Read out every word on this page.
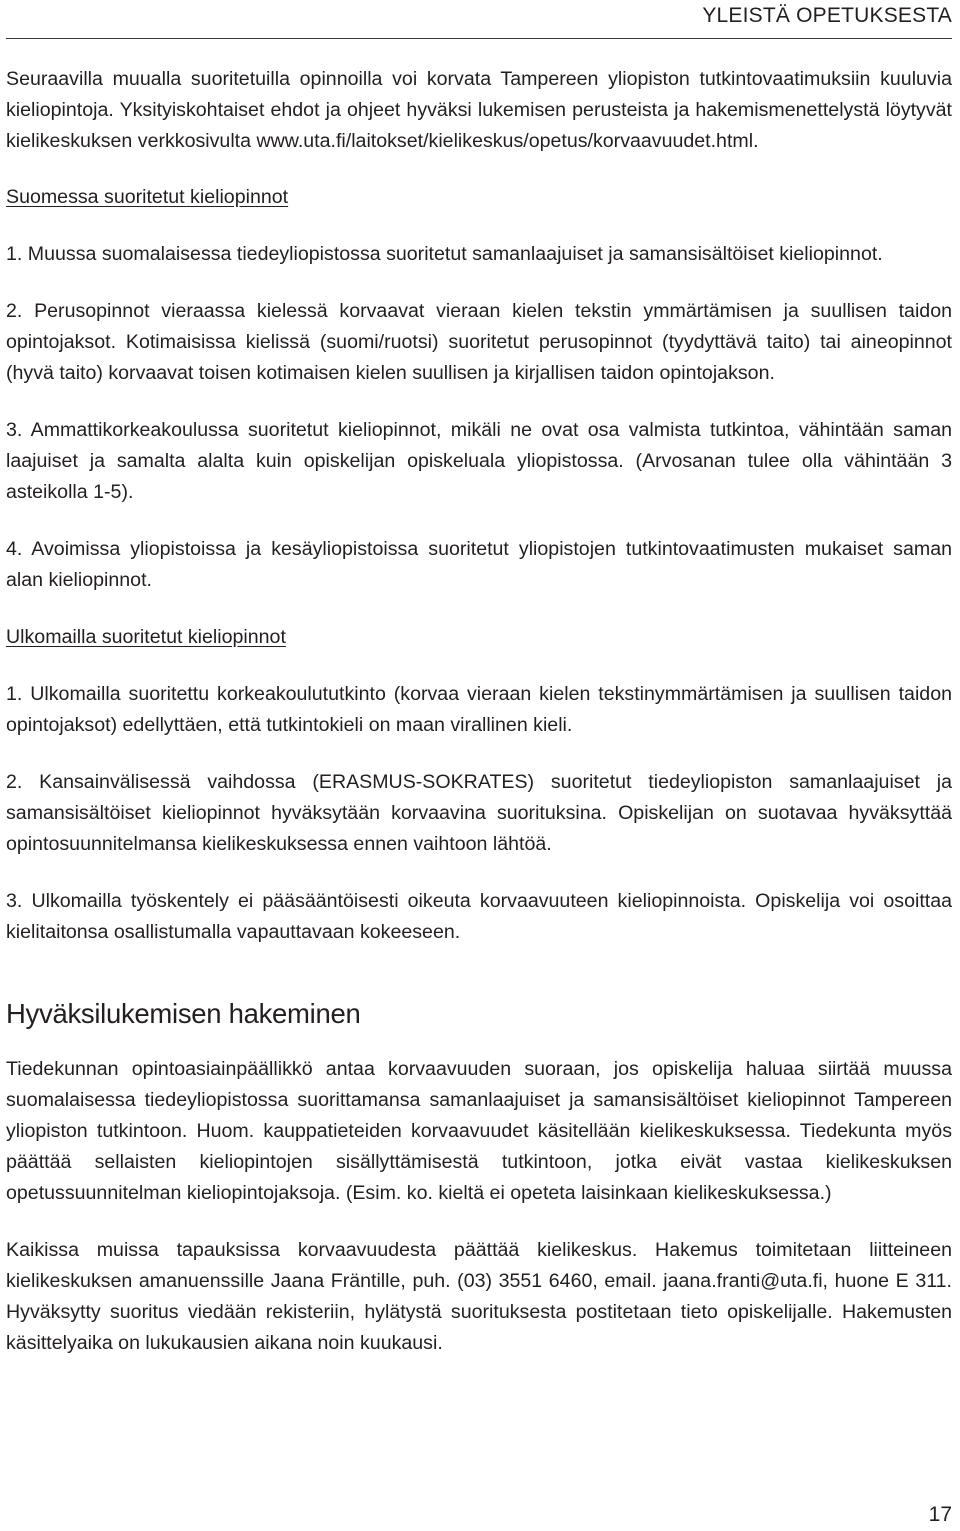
YLEISTÄ OPETUKSESTA

Seuraavilla muualla suoritetuilla opinnoilla voi korvata Tampereen yliopiston tutkintovaatimuksiin kuuluvia kieliopintoja. Yksityiskohtaiset ehdot ja ohjeet hyväksi lukemisen perusteista ja hakemismenettelystä löytyvät kielikeskuksen verkkosivulta www.uta.fi/laitokset/kielikeskus/opetus/korvaavuudet.html.

Suomessa suoritetut kieliopinnot

1. Muussa suomalaisessa tiedeyliopistossa suoritetut samanlaajuiset ja samansisältöiset kieliopinnot.

2. Perusopinnot vieraassa kielessä korvaavat vieraan kielen tekstin ymmärtämisen ja suullisen taidon opintojaksot. Kotimaisissa kielissä (suomi/ruotsi) suoritetut perusopinnot (tyydyttävä taito) tai aineopinnot (hyvä taito) korvaavat toisen kotimaisen kielen suullisen ja kirjallisen taidon opintojakson.

3. Ammattikorkeakoulussa suoritetut kieliopinnot, mikäli ne ovat osa valmista tutkintoa, vähintään saman laajuiset ja samalta alalta kuin opiskelijan opiskeluala yliopistossa. (Arvosanan tulee olla vähintään 3 asteikolla 1-5).

4. Avoimissa yliopistoissa ja kesäyliopistoissa suoritetut yliopistojen tutkintovaatimusten mukaiset saman alan kieliopinnot.

Ulkomailla suoritetut kieliopinnot

1. Ulkomailla suoritettu korkeakoulututkinto (korvaa vieraan kielen tekstinymmärtämisen ja suullisen taidon opintojaksot) edellyttäen, että tutkintokieli on maan virallinen kieli.

2. Kansainvälisessä vaihdossa (ERASMUS-SOKRATES) suoritetut tiedeyliopiston samanlaajuiset ja samansisältöiset kieliopinnot hyväksytään korvaavina suorituksina. Opiskelijan on suotavaa hyväksyttää opintosuunnitelmansa kielikeskuksessa ennen vaihtoon lähtöä.

3. Ulkomailla työskentely ei pääsääntöisesti oikeuta korvaavuuteen kieliopinnoista. Opiskelija voi osoittaa kielitaitonsa osallistumalla vapauttavaan kokeeseen.

Hyväksilukemisen hakeminen

Tiedekunnan opintoasiainpäällikkö antaa korvaavuuden suoraan, jos opiskelija haluaa siirtää muussa suomalaisessa tiedeyliopistossa suorittamansa samanlaajuiset ja samansisältöiset kieliopinnot Tampereen yliopiston tutkintoon. Huom. kauppatieteiden korvaavuudet käsitellään kielikeskuksessa. Tiedekunta myös päättää sellaisten kieliopintojen sisällyttämisestä tutkintoon, jotka eivät vastaa kielikeskuksen opetussuunnitelman kieliopintojaksoja. (Esim. ko. kieltä ei opeteta laisinkaan kielikeskuksessa.)

Kaikissa muissa tapauksissa korvaavuudesta päättää kielikeskus. Hakemus toimitetaan liitteineen kielikeskuksen amanuenssille Jaana Fräntille, puh. (03) 3551 6460, email. jaana.franti@uta.fi, huone E 311. Hyväksytty suoritus viedään rekisteriin, hylätystä suorituksesta postitetaan tieto opiskelijalle. Hakemusten käsittelyaika on lukukausien aikana noin kuukausi.

17
